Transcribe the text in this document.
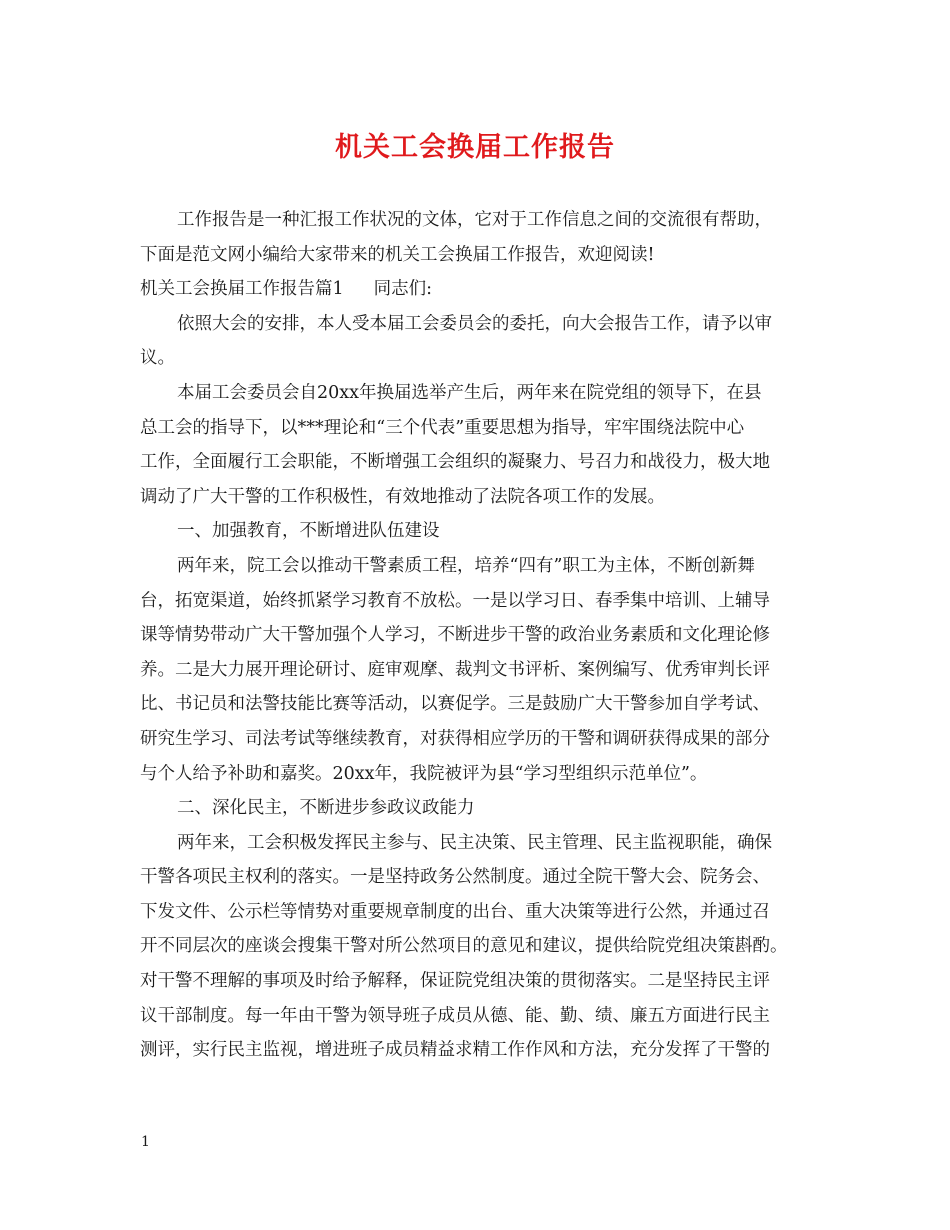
机关工会换届工作报告
工作报告是一种汇报工作状况的文体，它对于工作信息之间的交流很有帮助，
下面是范文网小编给大家带来的机关工会换届工作报告，欢迎阅读!
机关工会换届工作报告篇1 同志们:
依照大会的安排，本人受本届工会委员会的委托，向大会报告工作，请予以审
议。
本届工会委员会自20xx年换届选举产生后，两年来在院党组的领导下，在县
总工会的指导下，以***理论和“三个代表”重要思想为指导，牢牢围绕法院中心
工作，全面履行工会职能，不断增强工会组织的凝聚力、号召力和战役力，极大地
调动了广大干警的工作积极性，有效地推动了法院各项工作的发展。
一、加强教育，不断增进队伍建设
两年来，院工会以推动干警素质工程，培养“四有”职工为主体，不断创新舞
台，拓宽渠道，始终抓紧学习教育不放松。一是以学习日、春季集中培训、上辅导
课等情势带动广大干警加强个人学习，不断进步干警的政治业务素质和文化理论修
养。二是大力展开理论研讨、庭审观摩、裁判文书评析、案例编写、优秀审判长评
比、书记员和法警技能比赛等活动，以赛促学。三是鼓励广大干警参加自学考试、
研究生学习、司法考试等继续教育，对获得相应学历的干警和调研获得成果的部分
与个人给予补助和嘉奖。20xx年，我院被评为县“学习型组织示范单位”。
二、深化民主，不断进步参政议政能力
两年来，工会积极发挥民主参与、民主决策、民主管理、民主监视职能，确保
干警各项民主权利的落实。一是坚持政务公然制度。通过全院干警大会、院务会、
下发文件、公示栏等情势对重要规章制度的出台、重大决策等进行公然，并通过召
开不同层次的座谈会搜集干警对所公然项目的意见和建议，提供给院党组决策斟酌。
对干警不理解的事项及时给予解释，保证院党组决策的贯彻落实。二是坚持民主评
议干部制度。每一年由干警为领导班子成员从德、能、勤、绩、廉五方面进行民主
测评，实行民主监视，增进班子成员精益求精工作作风和方法，充分发挥了干警的
1
